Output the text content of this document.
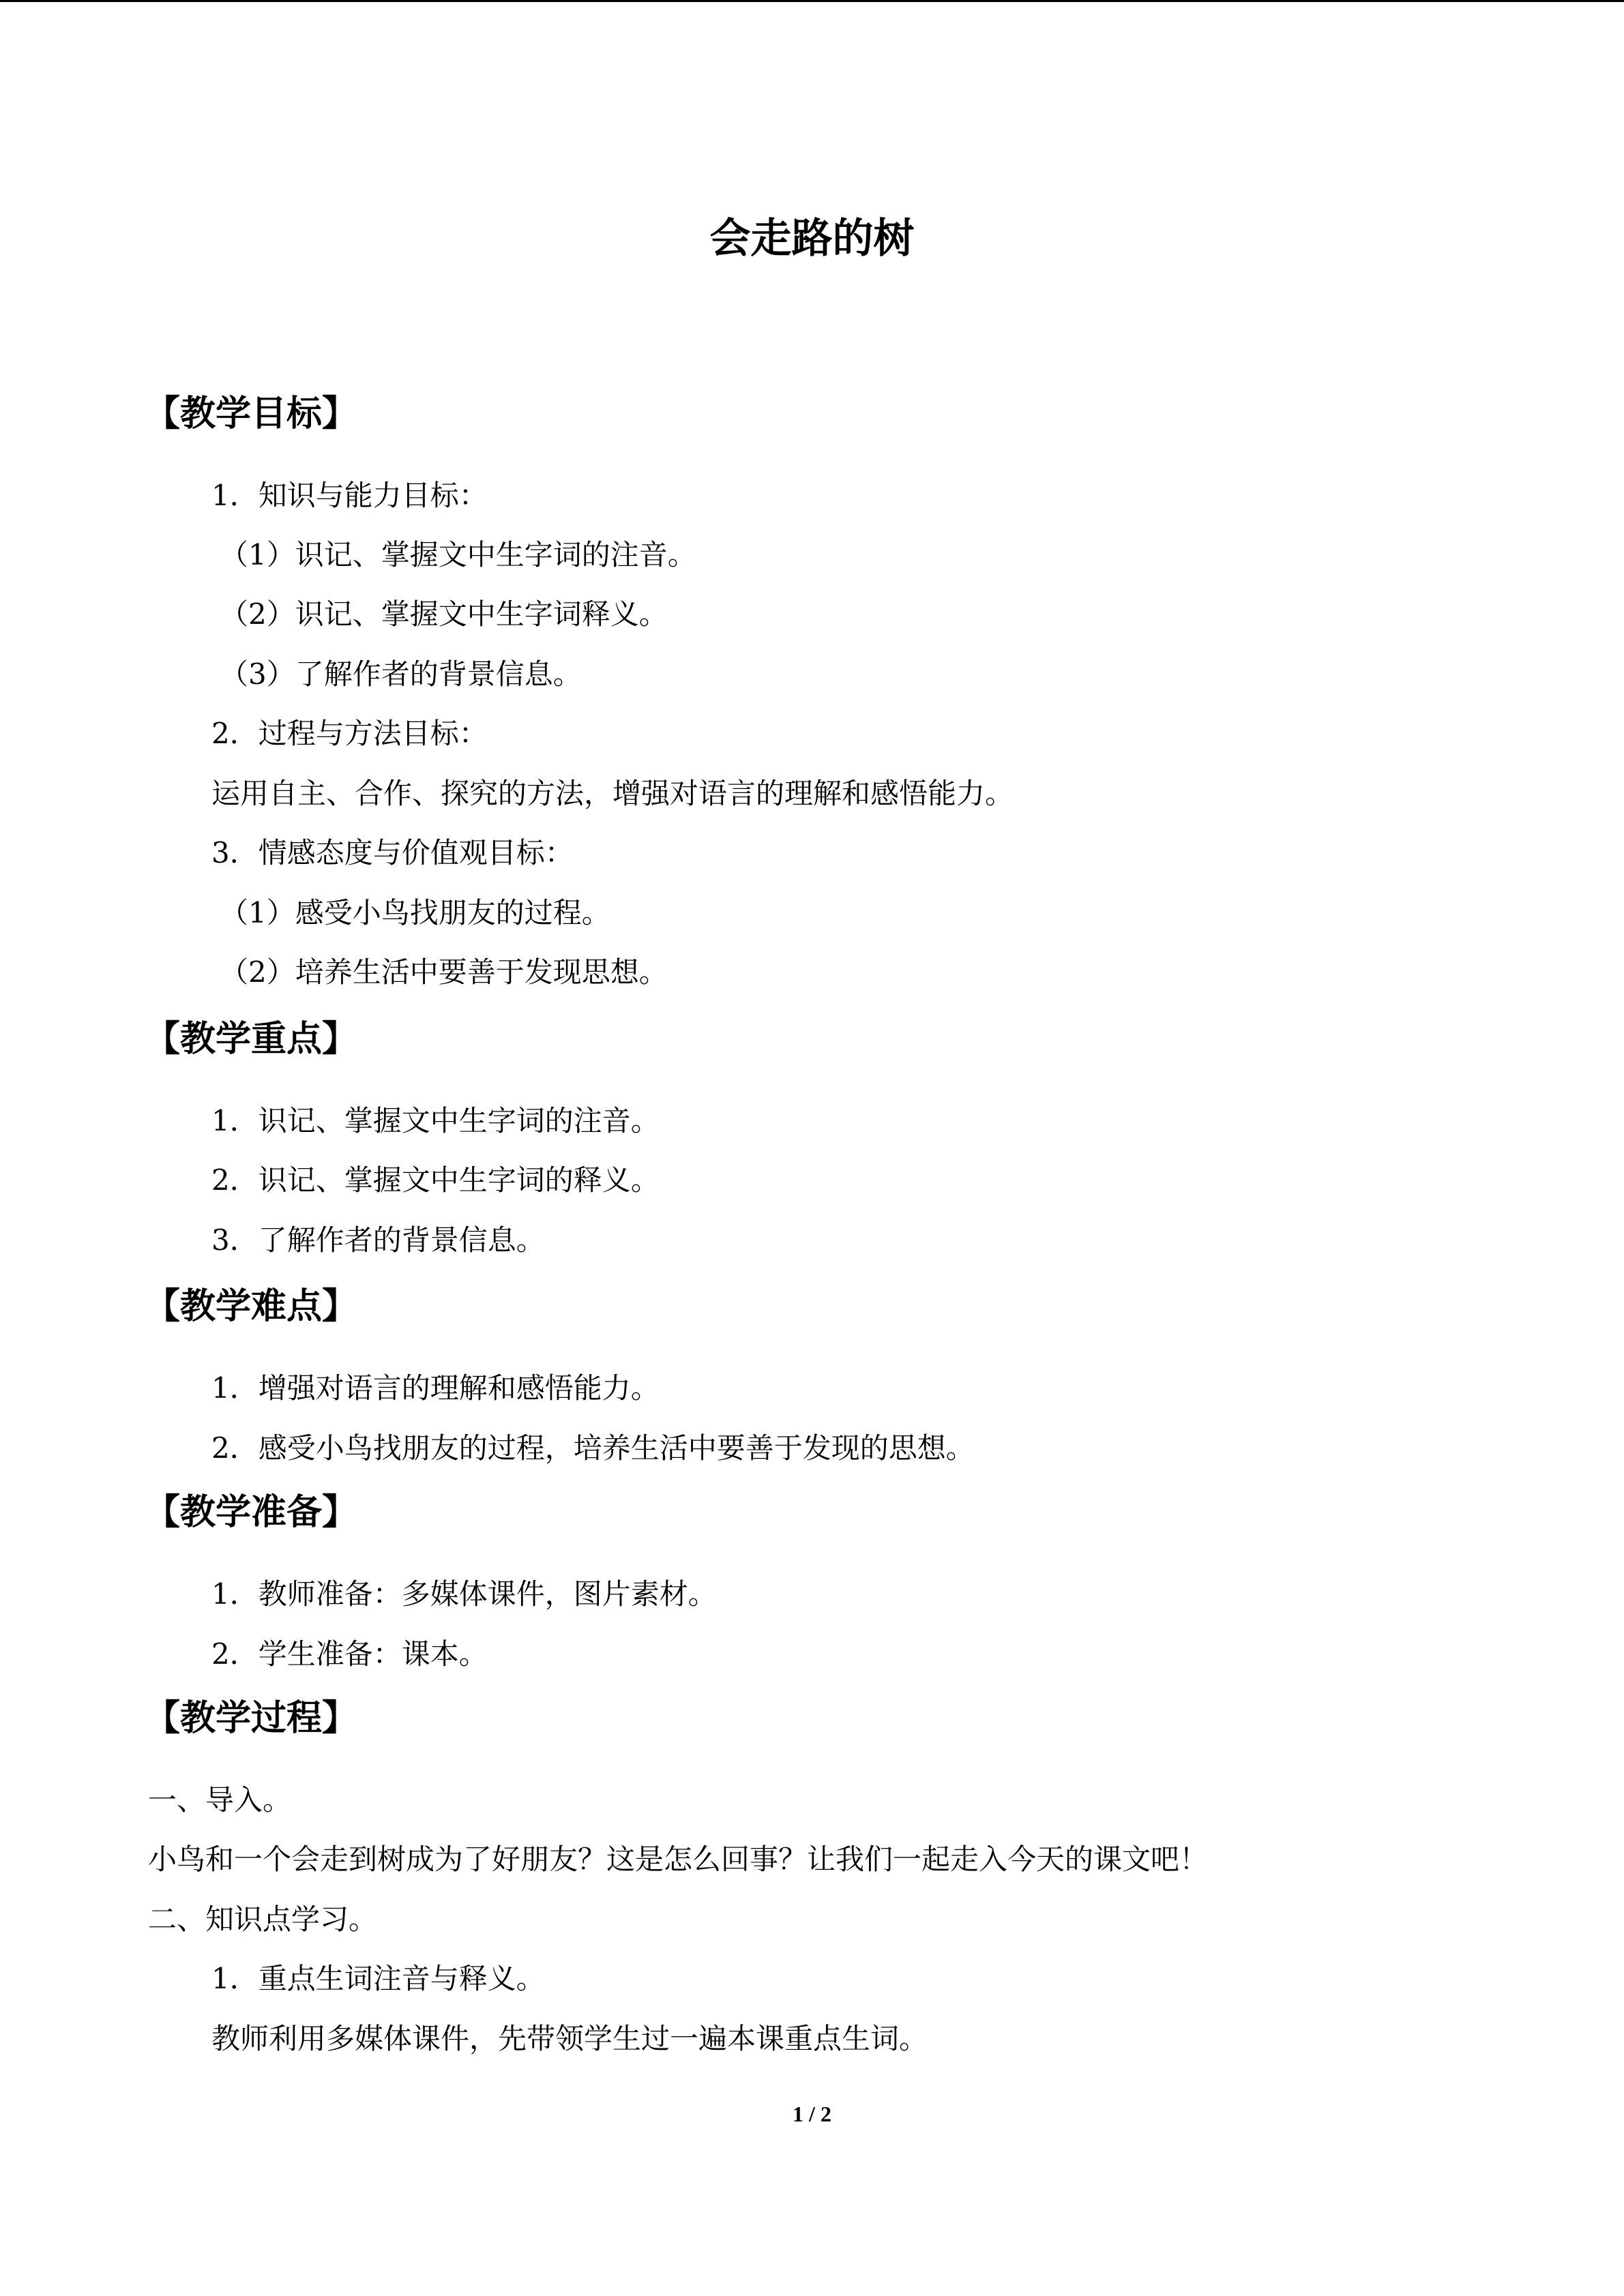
会走路的树
【教学目标】
1．知识与能力目标：
（1）识记、掌握文中生字词的注音。
（2）识记、掌握文中生字词释义。
（3）了解作者的背景信息。
2．过程与方法目标：
运用自主、合作、探究的方法，增强对语言的理解和感悟能力。
3．情感态度与价值观目标：
（1）感受小鸟找朋友的过程。
（2）培养生活中要善于发现思想。
【教学重点】
1．识记、掌握文中生字词的注音。
2．识记、掌握文中生字词的释义。
3．了解作者的背景信息。
【教学难点】
1．增强对语言的理解和感悟能力。
2．感受小鸟找朋友的过程，培养生活中要善于发现的思想。
【教学准备】
1．教师准备：多媒体课件，图片素材。
2．学生准备：课本。
【教学过程】
一、导入。
小鸟和一个会走到树成为了好朋友？这是怎么回事？让我们一起走入今天的课文吧！
二、知识点学习。
1．重点生词注音与释义。
教师利用多媒体课件，先带领学生过一遍本课重点生词。
1 / 2
